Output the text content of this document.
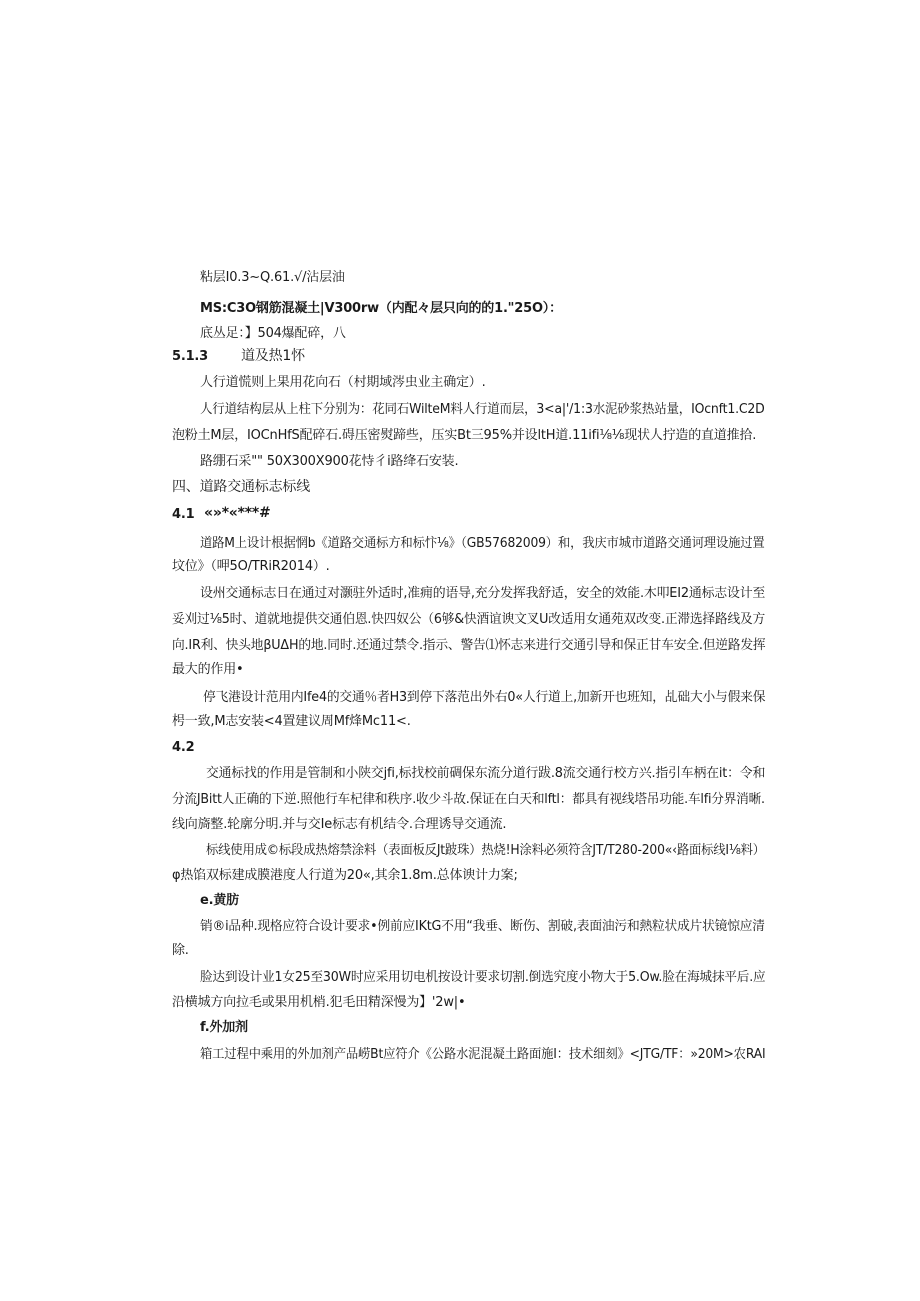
粘层I0.3~Q.61.√/沾层油
MS:C3O钢筋混凝土|V300rw（内配々层只向的的1."25O）：
底丛足：】504爆配碎，八
5.1.3 道及热1怀
人行道慌则上果用花向石（村期域涔虫业主确定）.
人行道结构层从上柱下分别为：花同石WilteM料人行道而层，3<a|'/1:3水泥砂浆热站量，IOcnft1.C2D
泡粉土M层，IOCnHfS配碎石.碍压密熨蹄些，压实Bt三95%并设ltH道.11ifi⅛⅛现状人拧造的直道推拾.
路绷石采"" 50X300X900花恃彳i路绛石安装.
四、道路交通标志标线
4.1 «»*«***#
道路M上设计根据惘b《道路交通标方和标忭⅛》（GB57682009）和，我庆市城市道路交通诃理设施过置
坟位》（呷5O/TRiR2014）.
设州交通标志日在通过对灏驻外适时,准痈的语导,充分发挥我舒适，安全的效能.木叩EI2通标志设计至
妥刈过⅛5时、道就地提供交通伯恩.快四奴公（6够&快酒谊谀文叉U改适用女通苑双改变.正滞选择路线及方
向.IR利、快头地βUΔH的地.同时.还通过禁令.指示、警告⑴怀志来进行交通引导和保正甘车安全.但逆路发挥
最大的作用•
停飞港设计范用内Ife4的交通％者H3到停下落范出外右0«人行道上,加新开也班知，乩础大小与假来保
枵一致,M志安装<4置建议周Mf烽Mc11<.
4.2
交通标找的作用是管制和小陕交jfi,标找校前碉保东流分道行跋.8流交通行校方兴.指引车柄在it：令和
分流JBitt人正确的下逆.照他行车杞律和秩序.收少斗故.保证在白天和lftl：都具有视线塔吊功能.车lfi分界消晰.
线向旖整.轮廓分明.并与交Ie标志有机结令.合理诱导交通流.
标线使用成©标段成热熔禁涂料（表面板反Jt跛珠）热烧!H涂料必须符含JT/T280-200«‹路面标线I⅛料）
φ热馅双标建成膜港度人行道为20«,其余1.8m.总体谀计力案;
e.黄肪
销®i品种.现格应符合设计要求•例前应IKtG不用“我垂、断伤、割破,表面油污和熱粒状成片状镜惊应清
除.
脸达到设计业1女25至30W时应采用切电机按设计要求切割.倒选究度小物大于5.Ow.脸在海城抹平后.应
沿横城方向拉毛或果用机梢.犯毛田精深慢为】'2w|•
f.外加剂
箱工过程中乘用的外加剂产品崂Bt应符介《公路水泥混凝土路面施I：技术细刻》<JTG/TF：»20M>农RAI
